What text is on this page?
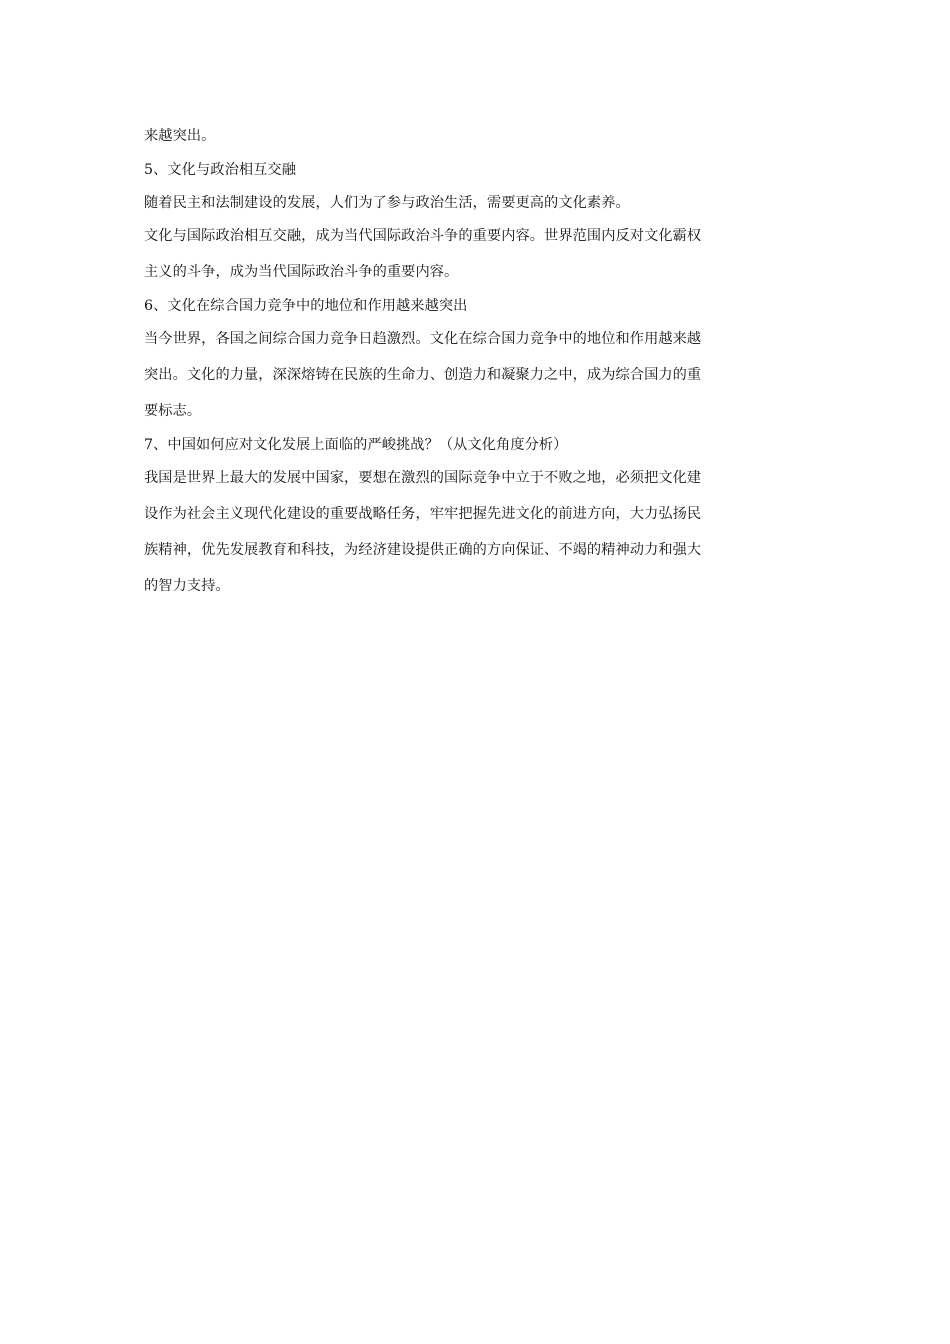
来越突出。
5、文化与政治相互交融
随着民主和法制建设的发展，人们为了参与政治生活，需要更高的文化素养。
文化与国际政治相互交融，成为当代国际政治斗争的重要内容。世界范围内反对文化霸权
主义的斗争，成为当代国际政治斗争的重要内容。
6、文化在综合国力竞争中的地位和作用越来越突出
当今世界，各国之间综合国力竞争日趋激烈。文化在综合国力竞争中的地位和作用越来越
突出。文化的力量，深深熔铸在民族的生命力、创造力和凝聚力之中，成为综合国力的重
要标志。
7、中国如何应对文化发展上面临的严峻挑战？（从文化角度分析）
我国是世界上最大的发展中国家，要想在激烈的国际竞争中立于不败之地，必须把文化建
设作为社会主义现代化建设的重要战略任务，牢牢把握先进文化的前进方向，大力弘扬民
族精神，优先发展教育和科技，为经济建设提供正确的方向保证、不竭的精神动力和强大
的智力支持。
